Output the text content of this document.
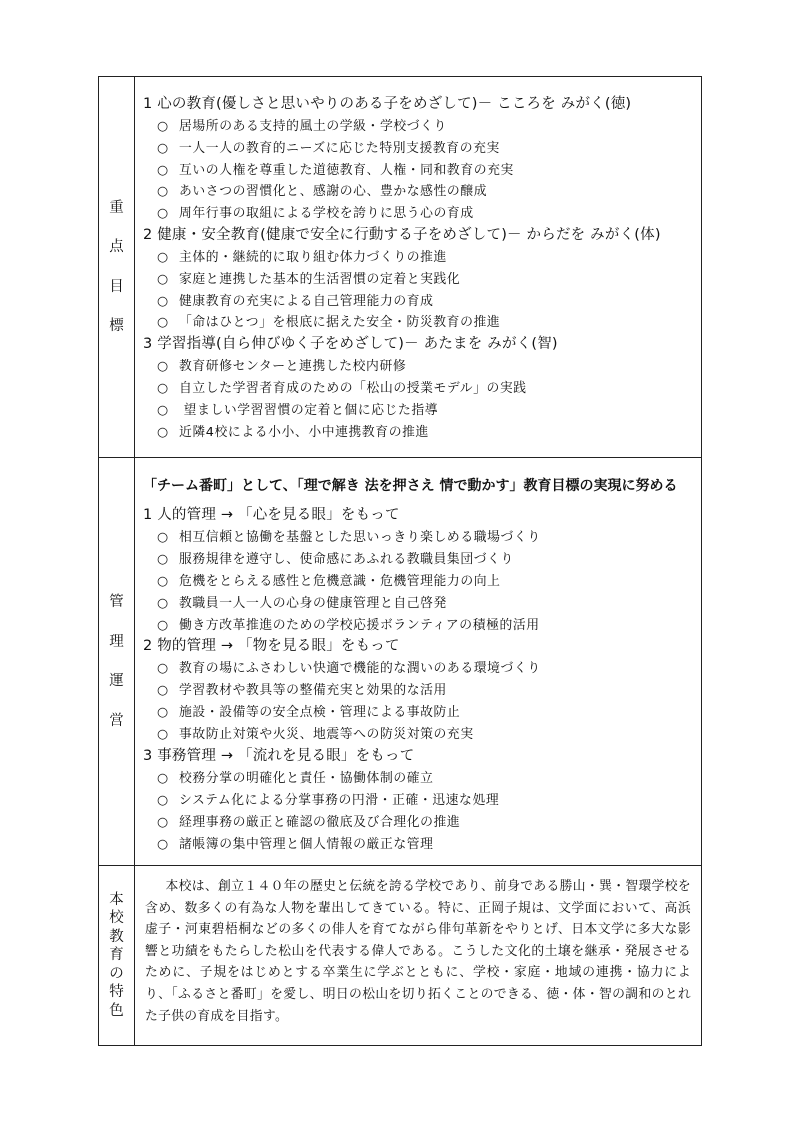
重
点
目
標
1 心の教育(優しさと思いやりのある子をめざして)－ こころを みがく(徳)
○ 居場所のある支持的風土の学級・学校づくり
○ 一人一人の教育的ニーズに応じた特別支援教育の充実
○ 互いの人権を尊重した道徳教育、人権・同和教育の充実
○ あいさつの習慣化と、感謝の心、豊かな感性の醸成
○ 周年行事の取組による学校を誇りに思う心の育成
2 健康・安全教育(健康で安全に行動する子をめざして)－ からだを みがく(体)
○ 主体的・継続的に取り組む体力づくりの推進
○ 家庭と連携した基本的生活習慣の定着と実践化
○ 健康教育の充実による自己管理能力の育成
○ 「命はひとつ」を根底に据えた安全・防災教育の推進
3 学習指導(自ら伸びゆく子をめざして)－ あたまを みがく(智)
○ 教育研修センターと連携した校内研修
○ 自立した学習者育成のための「松山の授業モデル」の実践
○ 望ましい学習習慣の定着と個に応じた指導
○ 近隣4校による小小、小中連携教育の推進
管
理
運
営
「チーム番町」として、「理で解き 法を押さえ 情で動かす」教育目標の実現に努める
1 人的管理 → 「心を見る眼」をもって
○ 相互信頼と協働を基盤とした思いっきり楽しめる職場づくり
○ 服務規律を遵守し、使命感にあふれる教職員集団づくり
○ 危機をとらえる感性と危機意識・危機管理能力の向上
○ 教職員一人一人の心身の健康管理と自己啓発
○ 働き方改革推進のための学校応援ボランティアの積極的活用
2 物的管理 → 「物を見る眼」をもって
○ 教育の場にふさわしい快適で機能的な潤いのある環境づくり
○ 学習教材や教具等の整備充実と効果的な活用
○ 施設・設備等の安全点検・管理による事故防止
○ 事故防止対策や火災、地震等への防災対策の充実
3 事務管理 → 「流れを見る眼」をもって
○ 校務分掌の明確化と責任・協働体制の確立
○ システム化による分掌事務の円滑・正確・迅速な処理
○ 経理事務の厳正と確認の徹底及び合理化の推進
○ 諸帳簿の集中管理と個人情報の厳正な管理
本
校
教
育
の
特
色
本校は、創立１４０年の歴史と伝統を誇る学校であり、前身である勝山・巽・智環学校を含め、数多くの有為な人物を輩出してきている。特に、正岡子規は、文学面において、高浜虚子・河東碧梧桐などの多くの俳人を育てながら俳句革新をやりとげ、日本文学に多大な影響と功績をもたらした松山を代表する偉人である。こうした文化的土壌を継承・発展させるために、子規をはじめとする卒業生に学ぶとともに、学校・家庭・地域の連携・協力により、「ふるさと番町」を愛し、明日の松山を切り拓くことのできる、徳・体・智の調和のとれた子供の育成を目指す。
